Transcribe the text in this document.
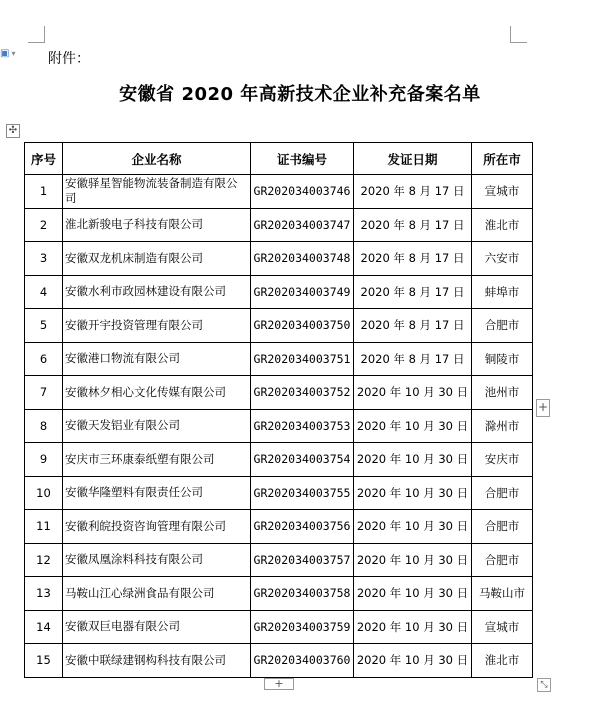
▣ ▾ 附件：
安徽省 2020 年高新技术企业补充备案名单
✣
序号	企业名称	证书编号	发证日期	所在市
1	安徽驿星智能物流装备制造有限公司	GR202034003746	2020 年 8 月 17 日	宣城市
2	淮北新骏电子科技有限公司	GR202034003747	2020 年 8 月 17 日	淮北市
3	安徽双龙机床制造有限公司	GR202034003748	2020 年 8 月 17 日	六安市
4	安徽水利市政园林建设有限公司	GR202034003749	2020 年 8 月 17 日	蚌埠市
5	安徽开宇投资管理有限公司	GR202034003750	2020 年 8 月 17 日	合肥市
6	安徽港口物流有限公司	GR202034003751	2020 年 8 月 17 日	铜陵市
7	安徽林夕相心文化传媒有限公司	GR202034003752	2020 年 10 月 30 日	池州市
8	安徽天发铝业有限公司	GR202034003753	2020 年 10 月 30 日	滁州市
9	安庆市三环康泰纸塑有限公司	GR202034003754	2020 年 10 月 30 日	安庆市
10	安徽华隆塑料有限责任公司	GR202034003755	2020 年 10 月 30 日	合肥市
11	安徽利皖投资咨询管理有限公司	GR202034003756	2020 年 10 月 30 日	合肥市
12	安徽凤凰涂料科技有限公司	GR202034003757	2020 年 10 月 30 日	合肥市
13	马鞍山江心绿洲食品有限公司	GR202034003758	2020 年 10 月 30 日	马鞍山市
14	安徽双巨电器有限公司	GR202034003759	2020 年 10 月 30 日	宣城市
15	安徽中联绿建钢构科技有限公司	GR202034003760	2020 年 10 月 30 日	淮北市
+
+	⤡
